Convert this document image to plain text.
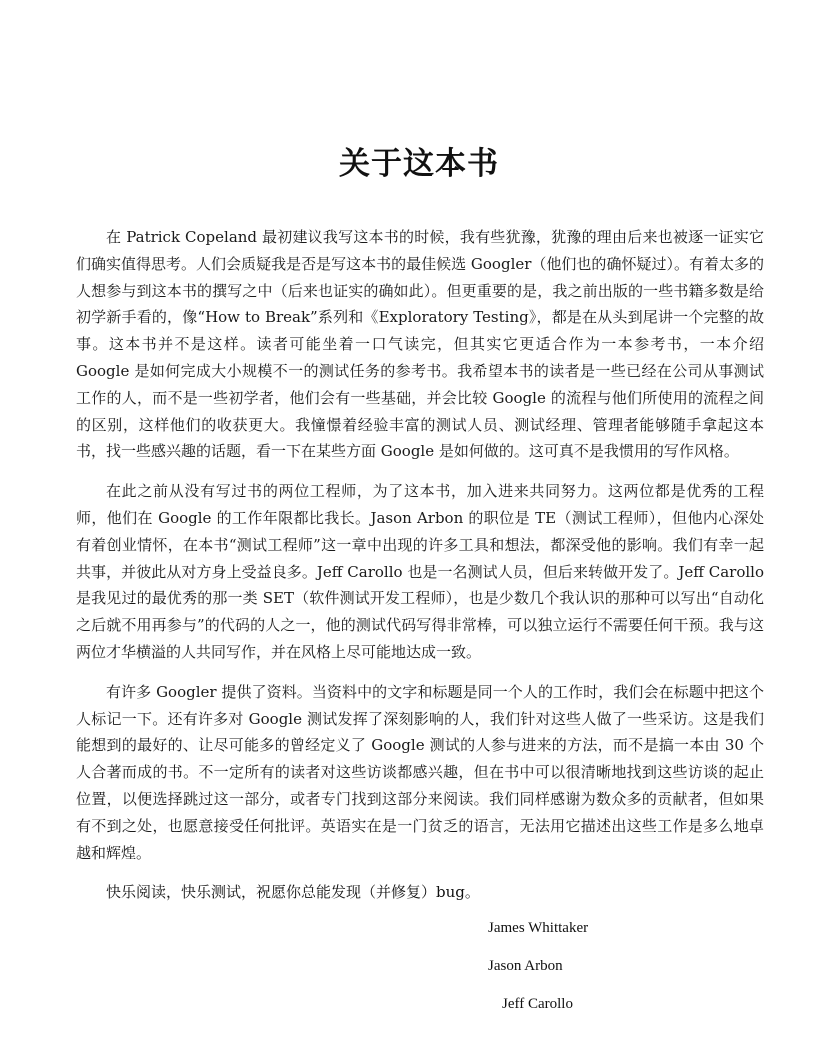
关于这本书

在 Patrick Copeland 最初建议我写这本书的时候，我有些犹豫，犹豫的理由后来也被逐一证实它们确实值得思考。人们会质疑我是否是写这本书的最佳候选 Googler（他们也的确怀疑过）。有着太多的人想参与到这本书的撰写之中（后来也证实的确如此）。但更重要的是，我之前出版的一些书籍多数是给初学新手看的，像“How to Break”系列和《Exploratory Testing》，都是在从头到尾讲一个完整的故事。这本书并不是这样。读者可能坐着一口气读完，但其实它更适合作为一本参考书，一本介绍 Google 是如何完成大小规模不一的测试任务的参考书。我希望本书的读者是一些已经在公司从事测试工作的人，而不是一些初学者，他们会有一些基础，并会比较 Google 的流程与他们所使用的流程之间的区别，这样他们的收获更大。我憧憬着经验丰富的测试人员、测试经理、管理者能够随手拿起这本书，找一些感兴趣的话题，看一下在某些方面 Google 是如何做的。这可真不是我惯用的写作风格。

在此之前从没有写过书的两位工程师，为了这本书，加入进来共同努力。这两位都是优秀的工程师，他们在 Google 的工作年限都比我长。Jason Arbon 的职位是 TE（测试工程师），但他内心深处有着创业情怀，在本书“测试工程师”这一章中出现的许多工具和想法，都深受他的影响。我们有幸一起共事，并彼此从对方身上受益良多。Jeff Carollo 也是一名测试人员，但后来转做开发了。Jeff Carollo 是我见过的最优秀的那一类 SET（软件测试开发工程师），也是少数几个我认识的那种可以写出“自动化之后就不用再参与”的代码的人之一，他的测试代码写得非常棒，可以独立运行不需要任何干预。我与这两位才华横溢的人共同写作，并在风格上尽可能地达成一致。

有许多 Googler 提供了资料。当资料中的文字和标题是同一个人的工作时，我们会在标题中把这个人标记一下。还有许多对 Google 测试发挥了深刻影响的人，我们针对这些人做了一些采访。这是我们能想到的最好的、让尽可能多的曾经定义了 Google 测试的人参与进来的方法，而不是搞一本由 30 个人合著而成的书。不一定所有的读者对这些访谈都感兴趣，但在书中可以很清晰地找到这些访谈的起止位置，以便选择跳过这一部分，或者专门找到这部分来阅读。我们同样感谢为数众多的贡献者，但如果有不到之处，也愿意接受任何批评。英语实在是一门贫乏的语言，无法用它描述出这些工作是多么地卓越和辉煌。

快乐阅读，快乐测试，祝愿你总能发现（并修复）bug。

James Whittaker

Jason Arbon

Jeff Carollo
